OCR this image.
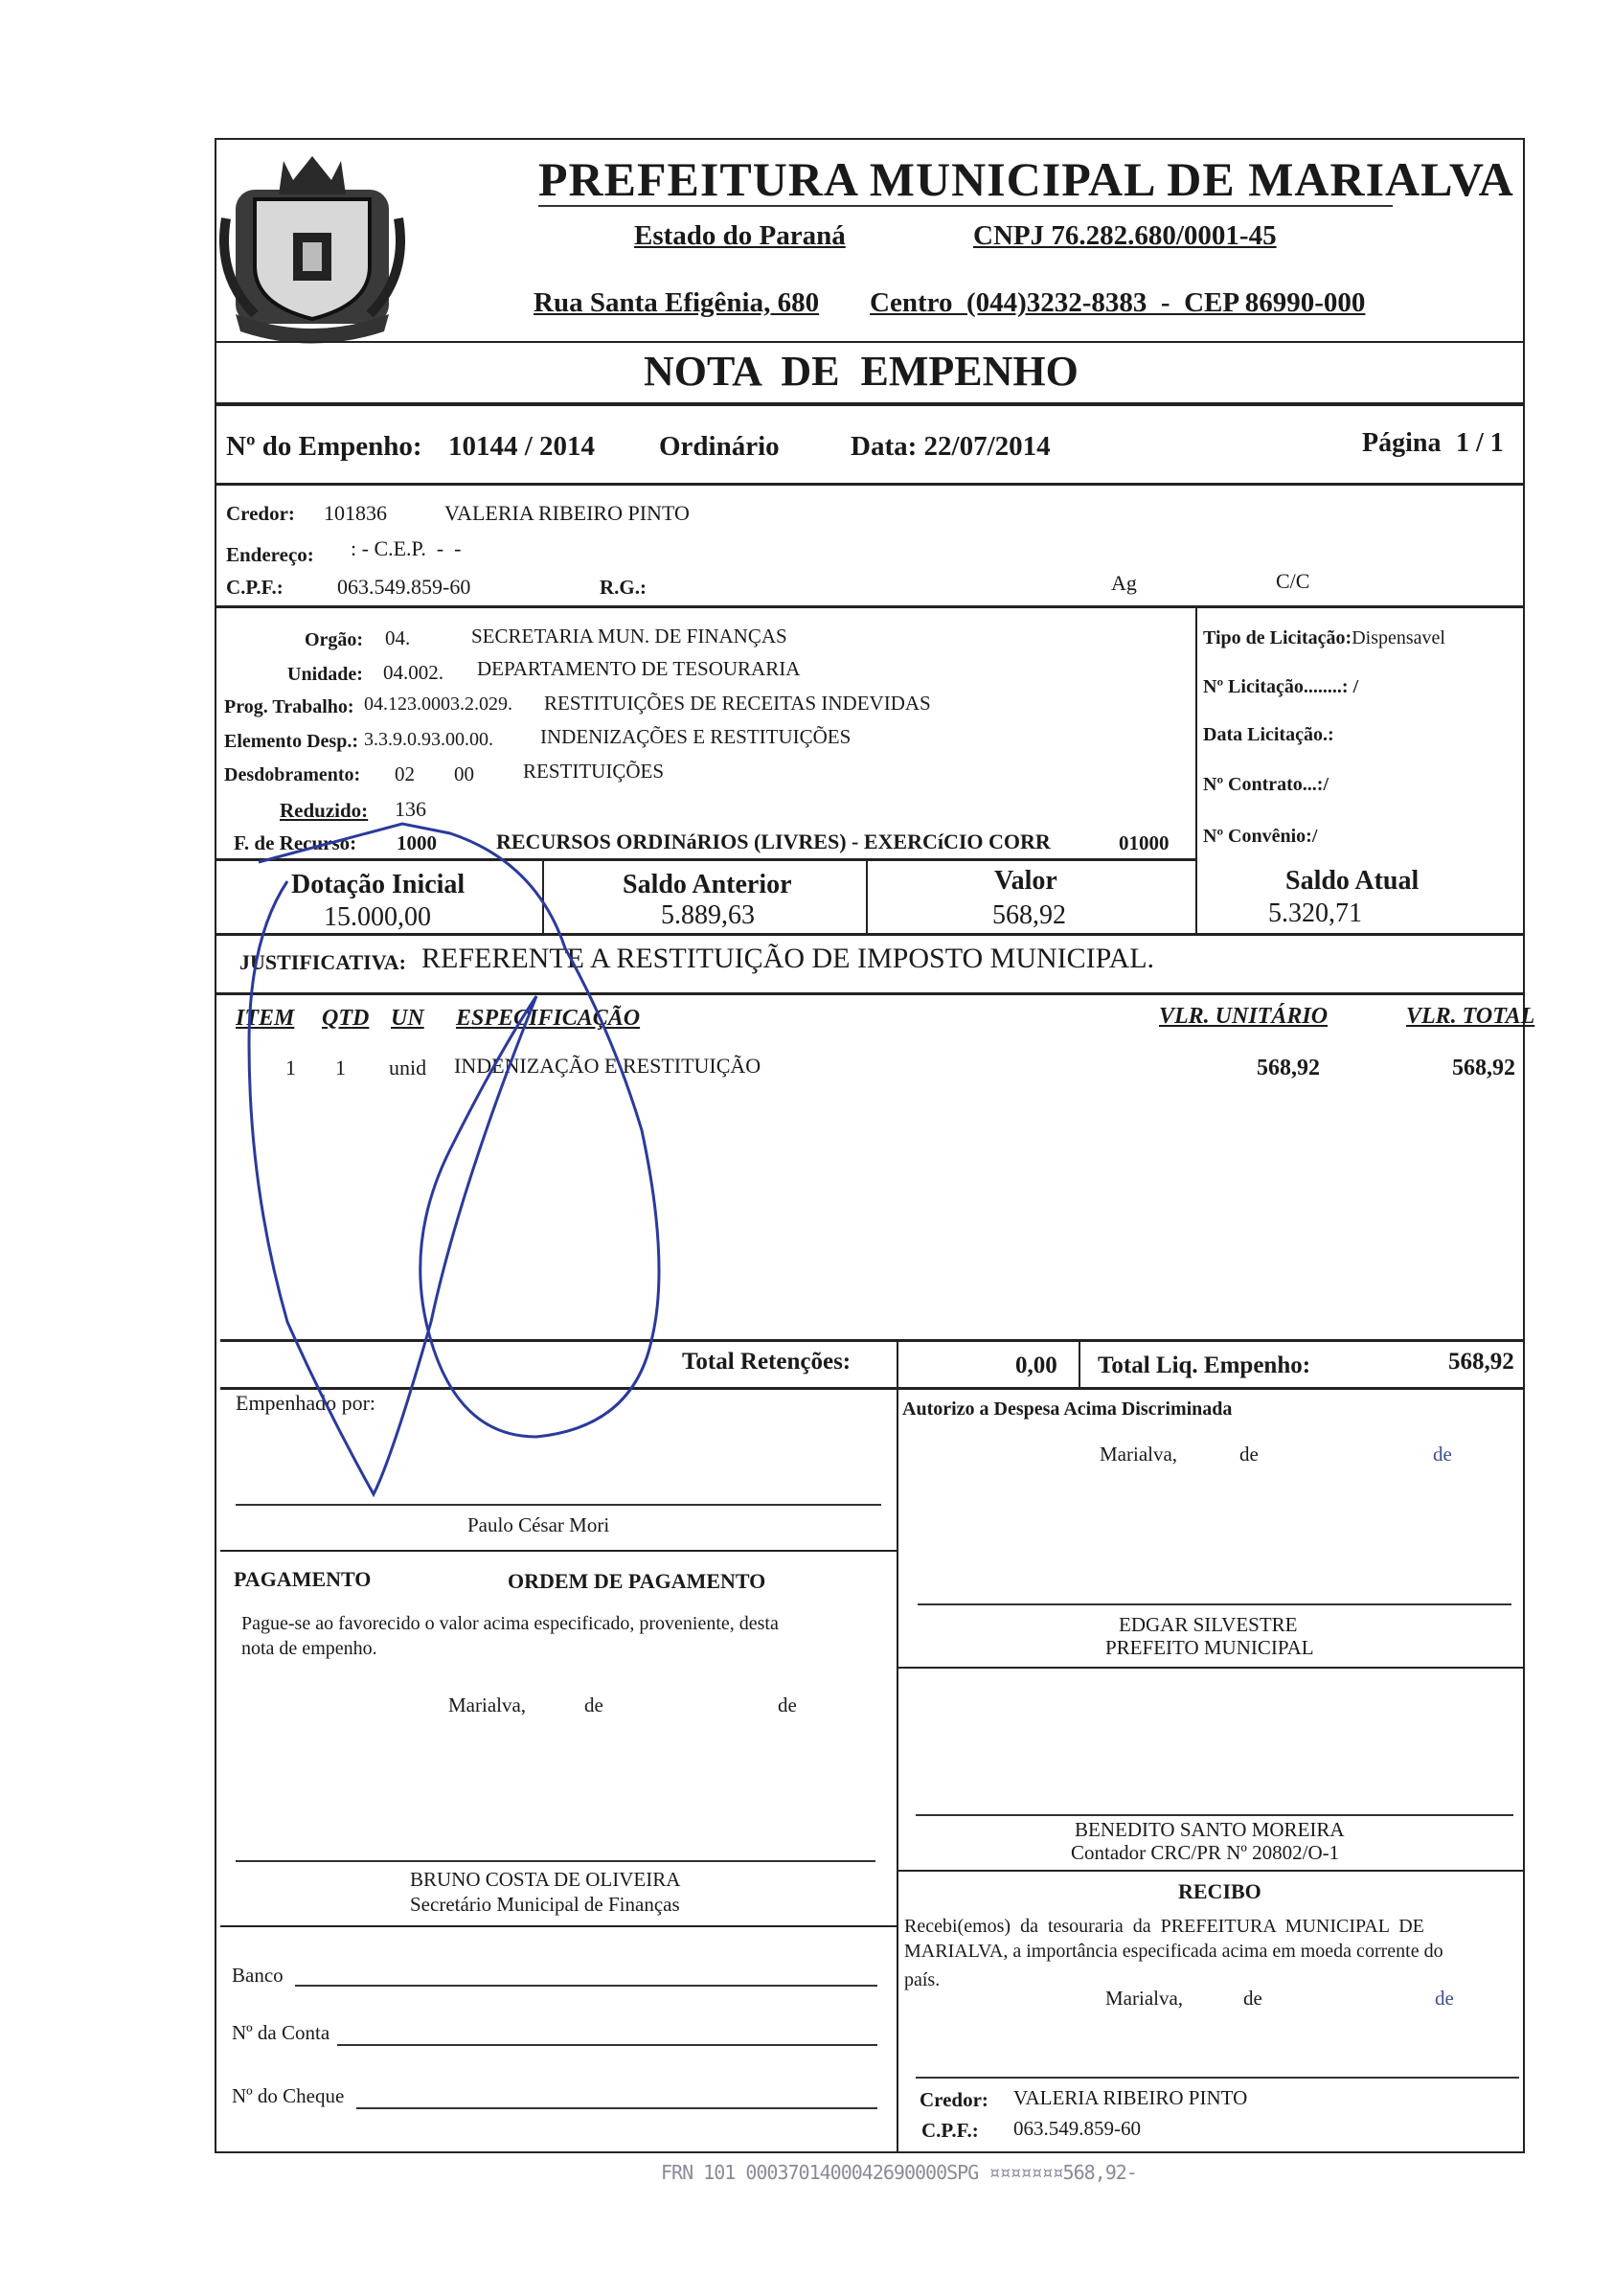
PREFEITURA MUNICIPAL DE MARIALVA
Estado do Paraná	CNPJ 76.282.680/0001-45
Rua Santa Efigênia, 680 Centro  (044)3232-8383  -  CEP 86990-000
NOTA  DE  EMPENHO
Nº do Empenho: 10144 / 2014 Ordinário	Data: 22/07/2014	Página 1 / 1
Credor: 101836	VALERIA RIBEIRO PINTO
Endereço: : - C.E.P.  -  -
C.P.F.:	063.549.859-60	R.G.:	Ag	C/C
Orgão: 04.	SECRETARIA MUN. DE FINANÇAS
Unidade: 04.002. DEPARTAMENTO DE TESOURARIA
Prog. Trabalho: 04.123.0003.2.029. RESTITUIÇÕES DE RECEITAS INDEVIDAS
Elemento Desp.: 3.3.9.0.93.00.00. INDENIZAÇÕES E RESTITUIÇÕES
Desdobramento: 02 00 RESTITUIÇÕES
Reduzido: 136
F. de Recurso: 1000	RECURSOS ORDINáRIOS (LIVRES) - EXERCíCIO CORR	01000
Tipo de Licitação:Dispensavel
Nº Licitação........: /
Data Licitação.:
Nº Contrato...:/
Nº Convênio:/
Dotação Inicial
15.000,00
Saldo Anterior
5.889,63
Valor
568,92
Saldo Atual
5.320,71
JUSTIFICATIVA: REFERENTE A RESTITUIÇÃO DE IMPOSTO MUNICIPAL.
ITEM QTD UN ESPECIFICAÇÃO	VLR. UNITÁRIO	VLR. TOTAL
1 1 unid INDENIZAÇÃO E RESTITUIÇÃO	568,92	568,92
Total Retenções:	0,00 Total Liq. Empenho:	568,92
Empenhado por:
Paulo César Mori
Autorizo a Despesa Acima Discriminada
Marialva,	de	de
PAGAMENTO	ORDEM DE PAGAMENTO
Pague-se ao favorecido o valor acima especificado, proveniente, desta
nota de empenho.
Marialva,	de	de
EDGAR SILVESTRE
PREFEITO MUNICIPAL
BENEDITO SANTO MOREIRA
Contador CRC/PR Nº 20802/O-1
BRUNO COSTA DE OLIVEIRA
Secretário Municipal de Finanças
RECIBO
Recebi(emos)  da  tesouraria  da  PREFEITURA  MUNICIPAL  DE
MARIALVA, a importância especificada acima em moeda corrente do
país.
Marialva,	de	de
Banco
Nº da Conta
Nº do Cheque	Credor: VALERIA RIBEIRO PINTO
C.P.F.: 063.549.859-60
FRN 101 0003701400042690000SPG ¤¤¤¤¤¤¤568,92-
